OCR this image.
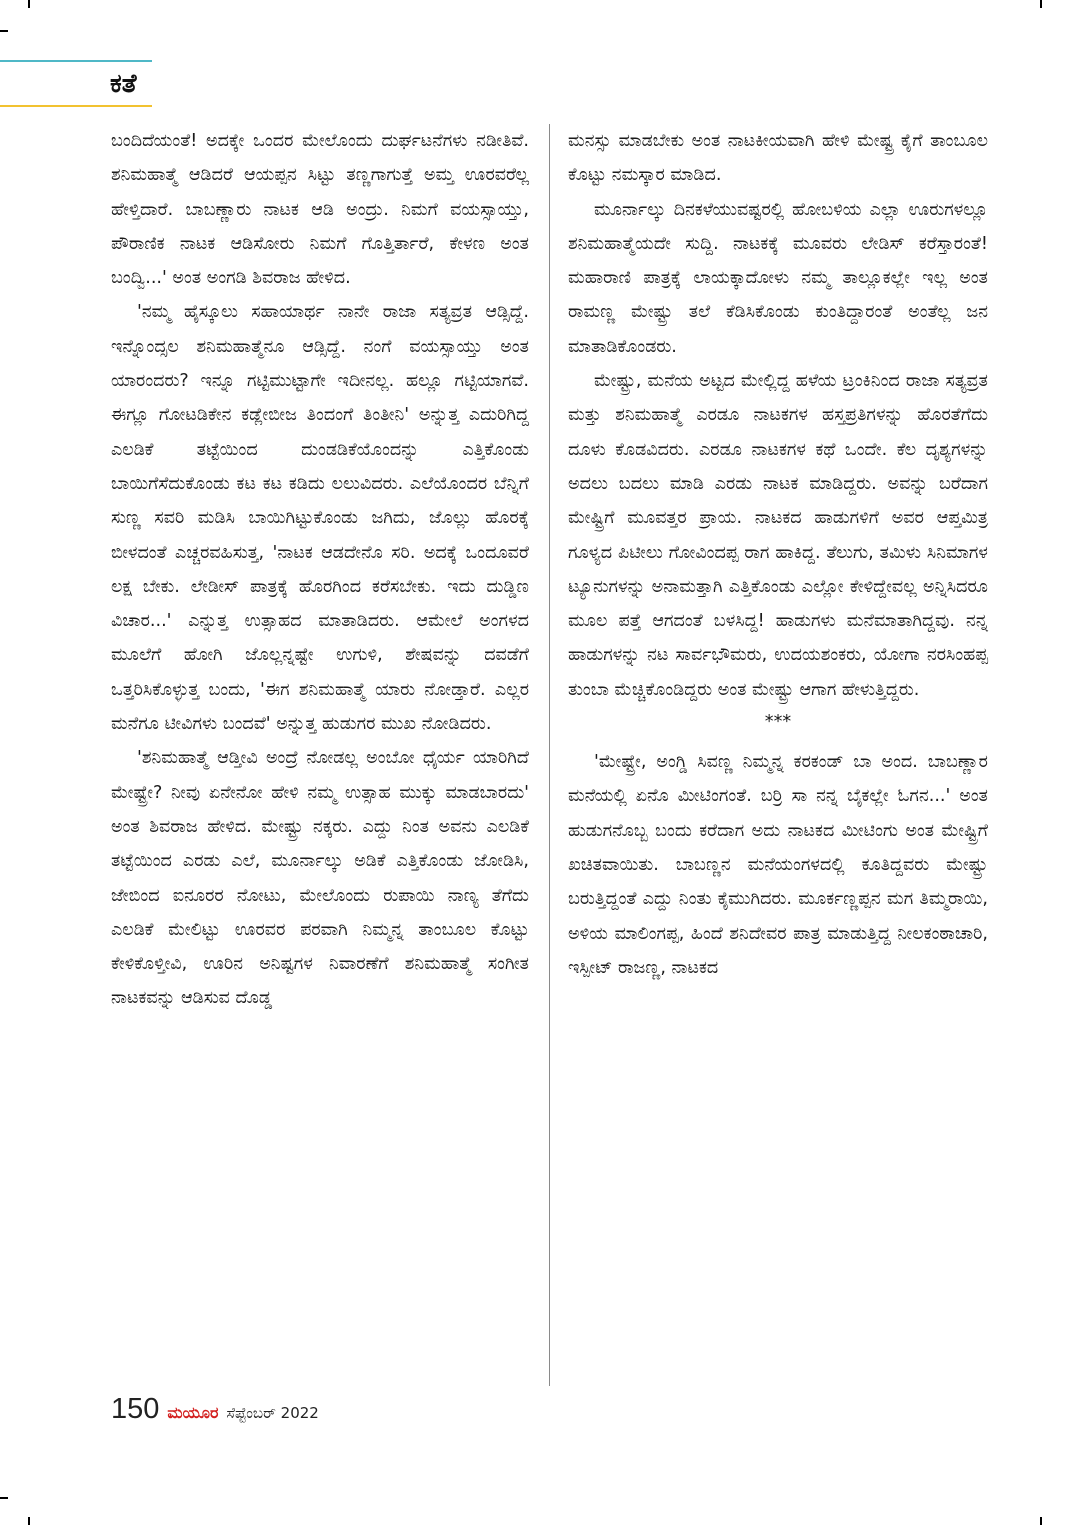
ಕತೆ

ಬಂದಿದೆಯಂತೆ! ಅದಕ್ಕೇ ಒಂದರ ಮೇಲೊಂದು ದುರ್ಘಟನೆಗಳು ನಡೀತಿವೆ. ಶನಿಮಹಾತ್ಮೆ ಆಡಿದರೆ ಆಯಪ್ಪನ ಸಿಟ್ಟು ತಣ್ಣಗಾಗುತ್ತೆ ಅಮ್ತ ಊರವರೆಲ್ಲ ಹೇಳ್ತಿದಾರೆ. ಬಾಬಣ್ಣಾರು ನಾಟಕ ಆಡಿ ಅಂದ್ರು. ನಿಮಗೆ ವಯಸ್ಸಾಯ್ತು, ಪೌರಾಣಿಕ ನಾಟಕ ಆಡಿಸೋರು ನಿಮಗೆ ಗೊತ್ತಿರ್ತಾರೆ, ಕೇಳಣ ಅಂತ ಬಂದ್ವಿ...' ಅಂತ ಅಂಗಡಿ ಶಿವರಾಜ ಹೇಳಿದ.

'ನಮ್ಮ ಹೈಸ್ಕೂಲು ಸಹಾಯಾರ್ಥ ನಾನೇ ರಾಜಾ ಸತ್ಯವ್ರತ ಆಡ್ಸಿದ್ದೆ. ಇನ್ನೊಂದ್ಸಲ ಶನಿಮಹಾತ್ಮೆನೂ ಆಡ್ಸಿದ್ದೆ. ನಂಗೆ ವಯಸ್ಸಾಯ್ತು ಅಂತ ಯಾರಂದರು? ಇನ್ನೂ ಗಟ್ಟಿಮುಟ್ಟಾಗೇ ಇದೀನಲ್ಲ. ಹಲ್ಲೂ ಗಟ್ಟಿಯಾಗವೆ. ಈಗ್ಲೂ ಗೋಟಡಿಕೇನ ಕಡ್ಲೇಬೀಜ ತಿಂದಂಗೆ ತಿಂತೀನಿ' ಅನ್ನುತ್ತ ಎದುರಿಗಿದ್ದ ಎಲಡಿಕೆ ತಟ್ಟೆಯಿಂದ ದುಂಡಡಿಕೆಯೊಂದನ್ನು ಎತ್ತಿಕೊಂಡು ಬಾಯಿಗೆಸೆದುಕೊಂಡು ಕಟ ಕಟ ಕಡಿದು ಲಲುವಿದರು. ಎಲೆಯೊಂದರ ಬೆನ್ನಿಗೆ ಸುಣ್ಣ ಸವರಿ ಮಡಿಸಿ ಬಾಯಿಗಿಟ್ಟುಕೊಂಡು ಜಗಿದು, ಜೊಲ್ಲು ಹೊರಕ್ಕೆ ಬೀಳದಂತೆ ಎಚ್ಚರವಹಿಸುತ್ತ, 'ನಾಟಕ ಆಡದೇನೊ ಸರಿ. ಅದಕ್ಕೆ ಒಂದೂವರೆ ಲಕ್ಷ ಬೇಕು. ಲೇಡೀಸ್ ಪಾತ್ರಕ್ಕೆ ಹೊರಗಿಂದ ಕರೆಸಬೇಕು. ಇದು ದುಡ್ಡಿಣ ವಿಚಾರ...' ಎನ್ನುತ್ತ ಉತ್ಸಾಹದ ಮಾತಾಡಿದರು. ಆಮೇಲೆ ಅಂಗಳದ ಮೂಲೆಗೆ ಹೋಗಿ ಜೊಲ್ಲನ್ನಷ್ಟೇ ಉಗುಳಿ, ಶೇಷವನ್ನು ದವಡೆಗೆ ಒತ್ತರಿಸಿಕೊಳ್ಳುತ್ತ ಬಂದು, 'ಈಗ ಶನಿಮಹಾತ್ಮೆ ಯಾರು ನೋಡ್ತಾರೆ. ಎಲ್ಲರ ಮನೆಗೂ ಟೀವಿಗಳು ಬಂದವೆ' ಅನ್ನುತ್ತ ಹುಡುಗರ ಮುಖ ನೋಡಿದರು.

'ಶನಿಮಹಾತ್ಮೆ ಆಡ್ತೀವಿ ಅಂದ್ರೆ ನೋಡಲ್ಲ ಅಂಬೋ ಧೈರ್ಯ ಯಾರಿಗಿದೆ ಮೇಷ್ಟ್ರೇ? ನೀವು ಏನೇನೋ ಹೇಳಿ ನಮ್ಮ ಉತ್ಸಾಹ ಮುಕ್ಕು ಮಾಡಬಾರದು' ಅಂತ ಶಿವರಾಜ ಹೇಳಿದ. ಮೇಷ್ಟ್ರು ನಕ್ಕರು. ಎದ್ದು ನಿಂತ ಅವನು ಎಲಡಿಕೆ ತಟ್ಟೆಯಿಂದ ಎರಡು ಎಲೆ, ಮೂರ್ನಾಲ್ಕು ಅಡಿಕೆ ಎತ್ತಿಕೊಂಡು ಜೋಡಿಸಿ, ಜೇಬಿಂದ ಐನೂರರ ನೋಟು, ಮೇಲೊಂದು ರುಪಾಯಿ ನಾಣ್ಯ ತೆಗೆದು ಎಲಡಿಕೆ ಮೇಲಿಟ್ಟು ಊರವರ ಪರವಾಗಿ ನಿಮ್ಮನ್ನ ತಾಂಬೂಲ ಕೊಟ್ಟು ಕೇಳಿಕೊಳ್ತೀವಿ, ಊರಿನ ಅನಿಷ್ಟಗಳ ನಿವಾರಣೆಗೆ ಶನಿಮಹಾತ್ಮೆ ಸಂಗೀತ ನಾಟಕವನ್ನು ಆಡಿಸುವ ದೊಡ್ಡ

ಮನಸ್ಸು ಮಾಡಬೇಕು ಅಂತ ನಾಟಕೀಯವಾಗಿ ಹೇಳಿ ಮೇಷ್ಟ್ರ ಕೈಗೆ ತಾಂಬೂಲ ಕೊಟ್ಟು ನಮಸ್ಕಾರ ಮಾಡಿದ.

ಮೂರ್ನಾಲ್ಕು ದಿನಕಳೆಯುವಷ್ಟರಲ್ಲಿ ಹೋಬಳಿಯ ಎಲ್ಲಾ ಊರುಗಳಲ್ಲೂ ಶನಿಮಹಾತ್ಮೆಯದೇ ಸುದ್ದಿ. ನಾಟಕಕ್ಕೆ ಮೂವರು ಲೇಡಿಸ್ ಕರೆಸ್ತಾರಂತೆ! ಮಹಾರಾಣಿ ಪಾತ್ರಕ್ಕೆ ಲಾಯಕ್ಕಾದೋಳು ನಮ್ಮ ತಾಲ್ಲೂಕಲ್ಲೇ ಇಲ್ಲ ಅಂತ ರಾಮಣ್ಣ ಮೇಷ್ಟ್ರು ತಲೆ ಕೆಡಿಸಿಕೊಂಡು ಕುಂತಿದ್ದಾರಂತೆ ಅಂತೆಲ್ಲ ಜನ ಮಾತಾಡಿಕೊಂಡರು.

ಮೇಷ್ಟ್ರು, ಮನೆಯ ಅಟ್ಟದ ಮೇಲ್ಲಿದ್ದ ಹಳೆಯ ಟ್ರಂಕಿನಿಂದ ರಾಜಾ ಸತ್ಯವ್ರತ ಮತ್ತು ಶನಿಮಹಾತ್ಮೆ ಎರಡೂ ನಾಟಕಗಳ ಹಸ್ತಪ್ರತಿಗಳನ್ನು ಹೊರತೆಗೆದು ದೂಳು ಕೊಡವಿದರು. ಎರಡೂ ನಾಟಕಗಳ ಕಥೆ ಒಂದೇ. ಕೆಲ ದೃಶ್ಯಗಳನ್ನು ಅದಲು ಬದಲು ಮಾಡಿ ಎರಡು ನಾಟಕ ಮಾಡಿದ್ದರು. ಅವನ್ನು ಬರೆದಾಗ ಮೇಷ್ಟ್ರಿಗೆ ಮೂವತ್ತರ ಪ್ರಾಯ. ನಾಟಕದ ಹಾಡುಗಳಿಗೆ ಅವರ ಆಪ್ತಮಿತ್ರ ಗೂಳ್ಯದ ಪಿಟೀಲು ಗೋವಿಂದಪ್ಪ ರಾಗ ಹಾಕಿದ್ದ. ತೆಲುಗು, ತಮಿಳು ಸಿನಿಮಾಗಳ ಟ್ಯೂನುಗಳನ್ನು ಅನಾಮತ್ತಾಗಿ ಎತ್ತಿಕೊಂಡು ಎಲ್ಲೋ ಕೇಳಿದ್ದೇವಲ್ಲ ಅನ್ನಿಸಿದರೂ ಮೂಲ ಪತ್ತೆ ಆಗದಂತೆ ಬಳಸಿದ್ದ! ಹಾಡುಗಳು ಮನೆಮಾತಾಗಿದ್ದವು. ನನ್ನ ಹಾಡುಗಳನ್ನು ನಟ ಸಾರ್ವಭೌಮರು, ಉದಯಶಂಕರು, ಯೋಗಾ ನರಸಿಂಹಪ್ಪ ತುಂಬಾ ಮೆಚ್ಚಿಕೊಂಡಿದ್ದರು ಅಂತ ಮೇಷ್ಟ್ರು ಆಗಾಗ ಹೇಳುತ್ತಿದ್ದರು.

***

'ಮೇಷ್ಟ್ರೇ, ಅಂಗ್ಡಿ ಸಿವಣ್ಣ ನಿಮ್ಮನ್ನ ಕರಕಂಡ್ ಬಾ ಅಂದ. ಬಾಬಣ್ಣಾರ ಮನೆಯಲ್ಲಿ ಏನೊ ಮೀಟಿಂಗಂತೆ. ಬರ್ರಿ ಸಾ ನನ್ನ ಬೈಕಲ್ಲೇ ಓಗನ...' ಅಂತ ಹುಡುಗನೊಬ್ಬ ಬಂದು ಕರೆದಾಗ ಅದು ನಾಟಕದ ಮೀಟಿಂಗು ಅಂತ ಮೇಷ್ಟ್ರಿಗೆ ಖಚಿತವಾಯಿತು. ಬಾಬಣ್ಣನ ಮನೆಯಂಗಳದಲ್ಲಿ ಕೂತಿದ್ದವರು ಮೇಷ್ಟ್ರು ಬರುತ್ತಿದ್ದಂತೆ ಎದ್ದು ನಿಂತು ಕೈಮುಗಿದರು. ಮೂರ್ಕಣ್ಣಪ್ಪನ ಮಗ ತಿಮ್ಮರಾಯಿ, ಅಳಿಯ ಮಾಲಿಂಗಪ್ಪ, ಹಿಂದೆ ಶನಿದೇವರ ಪಾತ್ರ ಮಾಡುತ್ತಿದ್ದ ನೀಲಕಂಠಾಚಾರಿ, ಇಸ್ಪೀಟ್ ರಾಜಣ್ಣ, ನಾಟಕದ

150 ಮಯೂರ ಸೆಪ್ಟೆಂಬರ್ 2022
